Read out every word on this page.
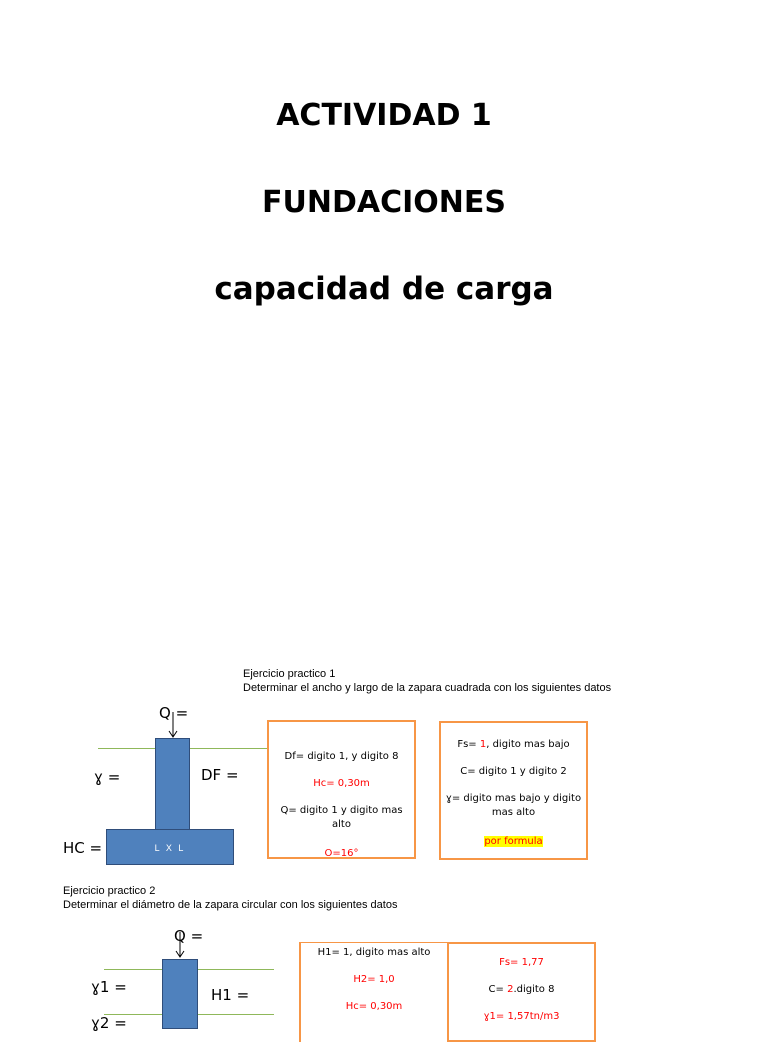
ACTIVIDAD 1
FUNDACIONES
capacidad de carga
Ejercicio practico 1
Determinar el ancho y largo de la zapara cuadrada con los siguientes datos
L X L
Q =
ɣ =	DF =
HC =

Df= digito 1, y digito 8

Hc= 0,30m

Q= digito 1 y digito mas alto

O=16°

Fs= 1, digito mas bajo

C= digito 1 y digito 2

ɣ= digito mas bajo y digito mas alto

por formula

Ejercicio practico 2
Determinar el diámetro de la zapara circular con los siguientes datos
Q =
ɣ1 =
ɣ2 =
H1 =

H1= 1, digito mas alto

H2= 1,0

Hc= 0,30m

Fs= 1,77

C= 2.digito 8

ɣ1= 1,57tn/m3
